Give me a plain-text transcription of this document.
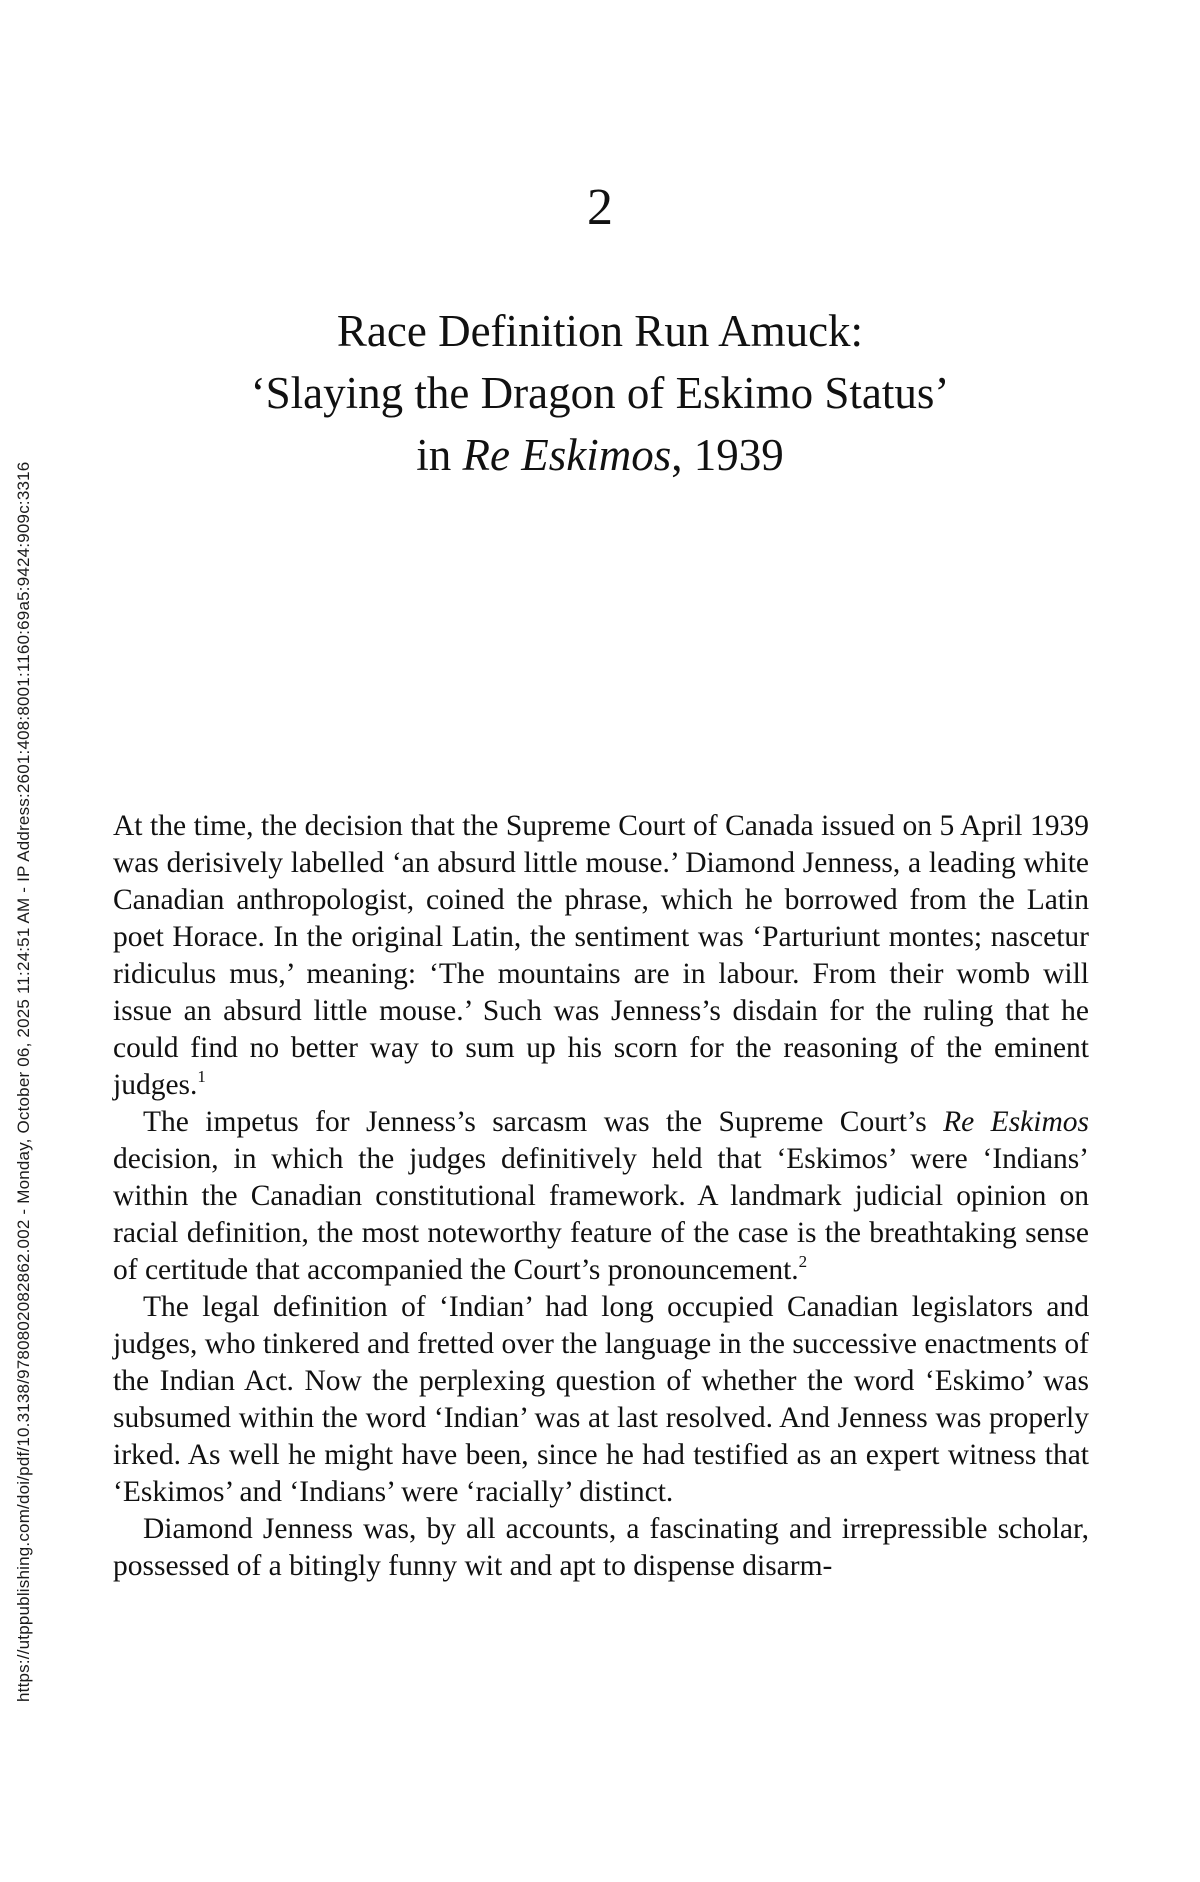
https://utppublishing.com/doi/pdf/10.3138/9780802082862.002 - Monday, October 06, 2025 11:24:51 AM - IP Address:2601:408:8001:1160:69a5:9424:909c:3316
2
Race Definition Run Amuck:
‘Slaying the Dragon of Eskimo Status’
in Re Eskimos, 1939

At the time, the decision that the Supreme Court of Canada issued on 5 April 1939 was derisively labelled ‘an absurd little mouse.’ Diamond Jenness, a leading white Canadian anthropologist, coined the phrase, which he borrowed from the Latin poet Horace. In the original Latin, the sentiment was ‘Parturiunt montes; nascetur ridiculus mus,’ meaning: ‘The mountains are in labour. From their womb will issue an absurd little mouse.’ Such was Jenness’s disdain for the ruling that he could find no better way to sum up his scorn for the reasoning of the eminent judges.$^1$

The impetus for Jenness’s sarcasm was the Supreme Court’s Re Eskimos decision, in which the judges definitively held that ‘Eskimos’ were ‘Indians’ within the Canadian constitutional framework. A landmark judicial opinion on racial definition, the most noteworthy feature of the case is the breathtaking sense of certitude that accompanied the Court’s pronouncement.$^2$

The legal definition of ‘Indian’ had long occupied Canadian legislators and judges, who tinkered and fretted over the language in the successive enactments of the Indian Act. Now the perplexing question of whether the word ‘Eskimo’ was subsumed within the word ‘Indian’ was at last resolved. And Jenness was properly irked. As well he might have been, since he had testified as an expert witness that ‘Eskimos’ and ‘Indians’ were ‘racially’ distinct.

Diamond Jenness was, by all accounts, a fascinating and irrepressible scholar, possessed of a bitingly funny wit and apt to dispense disarm-
